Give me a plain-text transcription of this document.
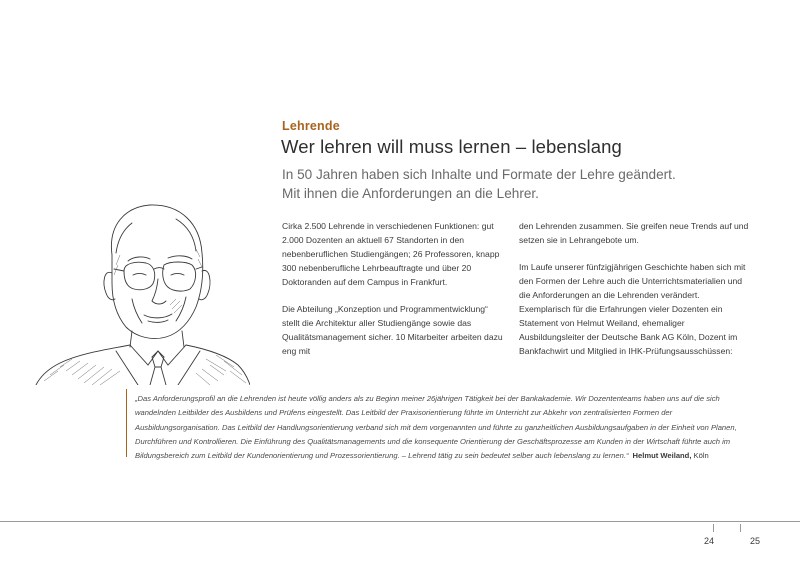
Lehrende
Wer lehren will muss lernen – lebenslang
In 50 Jahren haben sich Inhalte und Formate der Lehre geändert.
Mit ihnen die Anforderungen an die Lehrer.

Cirka 2.500 Lehrende in verschiedenen Funktionen: gut 2.000 Dozenten an aktuell 67 Standorten in den nebenberuflichen Studiengängen; 26 Professoren, knapp 300 nebenberufliche Lehrbeauftragte und über 20 Doktoranden auf dem Campus in Frankfurt.

Die Abteilung „Konzeption und Programmentwicklung“ stellt die Architektur aller Studiengänge sowie das Qualitätsmanagement sicher. 10 Mitarbeiter arbeiten dazu eng mit

den Lehrenden zusammen. Sie greifen neue Trends auf und setzen sie in Lehrangebote um.

Im Laufe unserer fünfzigjährigen Geschichte haben sich mit den Formen der Lehre auch die Unterrichtsmaterialien und die Anforderungen an die Lehrenden verändert. Exemplarisch für die Erfahrungen vieler Dozenten ein Statement von Helmut Weiland, ehemaliger Ausbildungsleiter der Deutsche Bank AG Köln, Dozent im Bankfachwirt und Mitglied in IHK-Prüfungsausschüssen:

„Das Anforderungsprofil an die Lehrenden ist heute völlig anders als zu Beginn meiner 26jährigen Tätigkeit bei der Bankakademie. Wir Dozententeams haben uns auf die sich wandelnden Leitbilder des Ausbildens und Prüfens eingestellt. Das Leitbild der Praxisorientierung führte im Unterricht zur Abkehr von zentralisierten Formen der Ausbildungsorganisation. Das Leitbild der Handlungsorientierung verband sich mit dem vorgenannten und führte zu ganzheitlichen Ausbildungsaufgaben in der Einheit von Planen, Durchführen und Kontrollieren. Die Einführung des Qualitätsmanagements und die konsequente Orientierung der Geschäftsprozesse am Kunden in der Wirtschaft führte auch im Bildungsbereich zum Leitbild der Kundenorientierung und Prozessorientierung. – Lehrend tätig zu sein bedeutet selber auch lebenslang zu lernen.“ Helmut Weiland, Köln

24	25
